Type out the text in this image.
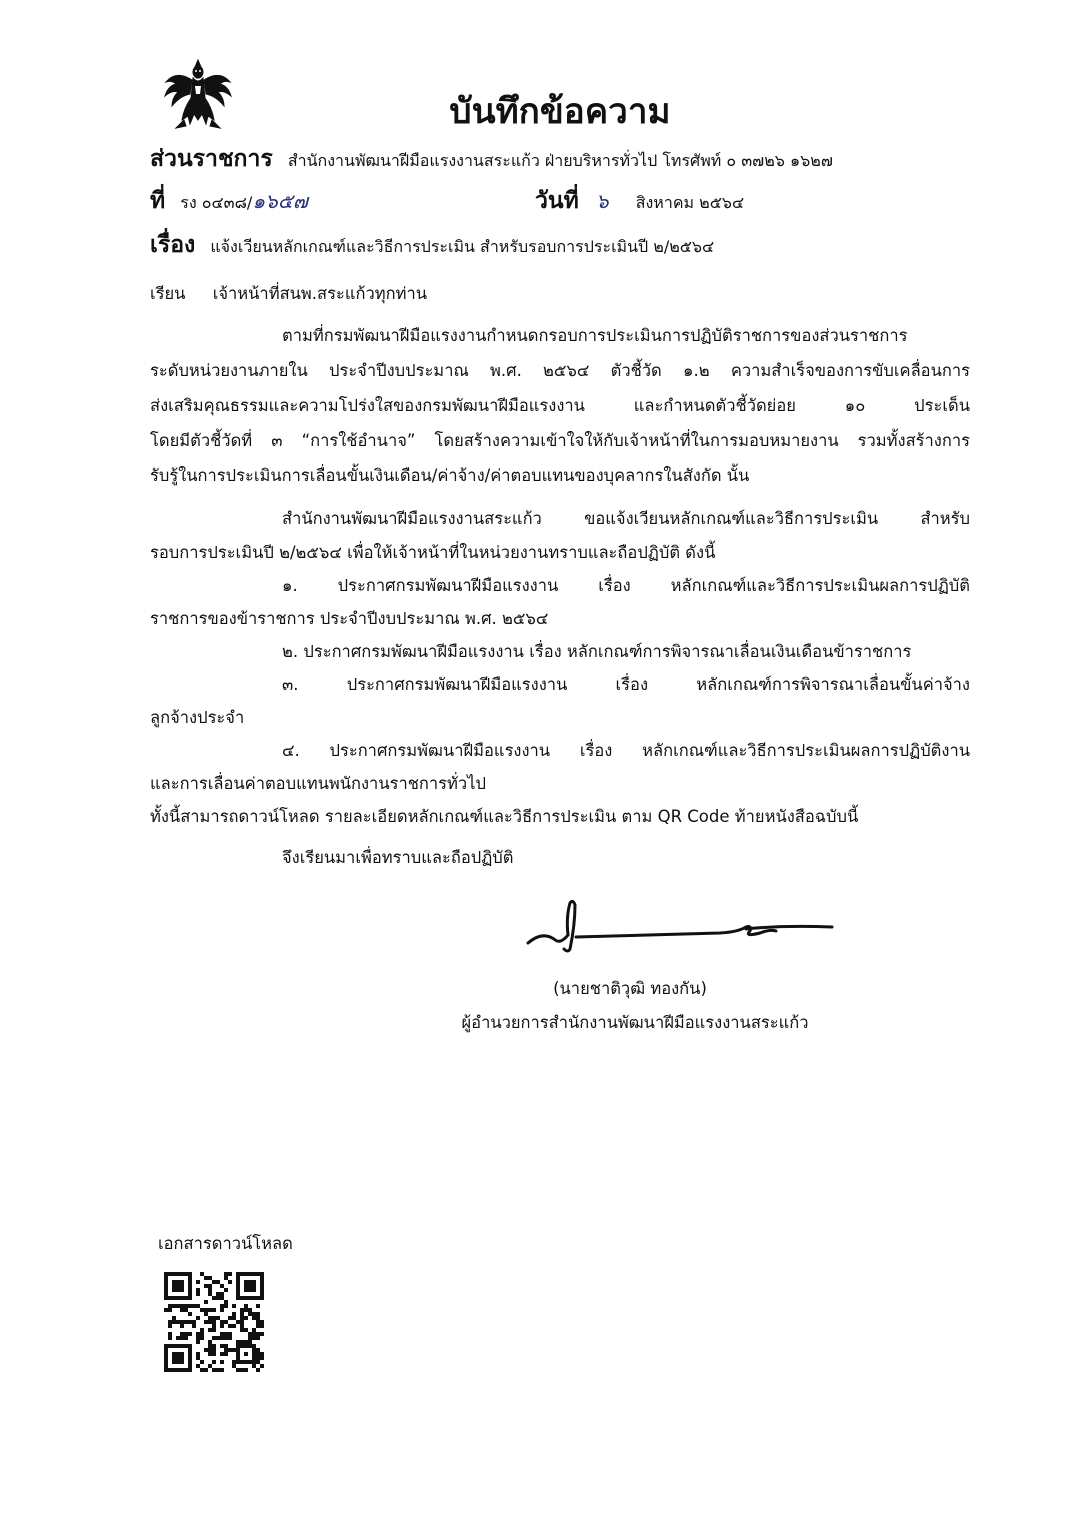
บันทึกข้อความ
ส่วนราชการ สำนักงานพัฒนาฝีมือแรงงานสระแก้ว ฝ่ายบริหารทั่วไป โทรศัพท์ ๐ ๓๗๒๖ ๑๖๒๗
ที่ รง ๐๔๓๘/๑๖๕๗	วันที่ ๖ สิงหาคม ๒๕๖๔
เรื่อง แจ้งเวียนหลักเกณฑ์และวิธีการประเมิน สำหรับรอบการประเมินปี ๒/๒๕๖๔
เรียน เจ้าหน้าที่สนพ.สระแก้วทุกท่าน
ตามที่กรมพัฒนาฝีมือแรงงานกำหนดกรอบการประเมินการปฏิบัติราชการของส่วนราชการ
ระดับหน่วยงานภายใน ประจำปีงบประมาณ พ.ศ. ๒๕๖๔ ตัวชี้วัด ๑.๒ ความสำเร็จของการขับเคลื่อนการ
ส่งเสริมคุณธรรมและความโปร่งใสของกรมพัฒนาฝีมือแรงงาน และกำหนดตัวชี้วัดย่อย ๑๐ ประเด็น
โดยมีตัวชี้วัดที่ ๓ “การใช้อำนาจ” โดยสร้างความเข้าใจให้กับเจ้าหน้าที่ในการมอบหมายงาน รวมทั้งสร้างการ
รับรู้ในการประเมินการเลื่อนขั้นเงินเดือน/ค่าจ้าง/ค่าตอบแทนของบุคลากรในสังกัด นั้น
สำนักงานพัฒนาฝีมือแรงงานสระแก้ว ขอแจ้งเวียนหลักเกณฑ์และวิธีการประเมิน สำหรับ
รอบการประเมินปี ๒/๒๕๖๔ เพื่อให้เจ้าหน้าที่ในหน่วยงานทราบและถือปฏิบัติ ดังนี้
๑. ประกาศกรมพัฒนาฝีมือแรงงาน เรื่อง หลักเกณฑ์และวิธีการประเมินผลการปฏิบัติ
ราชการของข้าราชการ ประจำปีงบประมาณ พ.ศ. ๒๕๖๔
๒. ประกาศกรมพัฒนาฝีมือแรงงาน เรื่อง หลักเกณฑ์การพิจารณาเลื่อนเงินเดือนข้าราชการ
๓. ประกาศกรมพัฒนาฝีมือแรงงาน เรื่อง หลักเกณฑ์การพิจารณาเลื่อนขั้นค่าจ้าง
ลูกจ้างประจำ
๔. ประกาศกรมพัฒนาฝีมือแรงงาน เรื่อง หลักเกณฑ์และวิธีการประเมินผลการปฏิบัติงาน
และการเลื่อนค่าตอบแทนพนักงานราชการทั่วไป
ทั้งนี้สามารถดาวน์โหลด รายละเอียดหลักเกณฑ์และวิธีการประเมิน ตาม QR Code ท้ายหนังสือฉบับนี้
จึงเรียนมาเพื่อทราบและถือปฏิบัติ
(นายชาติวุฒิ ทองกัน)
ผู้อำนวยการสำนักงานพัฒนาฝีมือแรงงานสระแก้ว
เอกสารดาวน์โหลด
